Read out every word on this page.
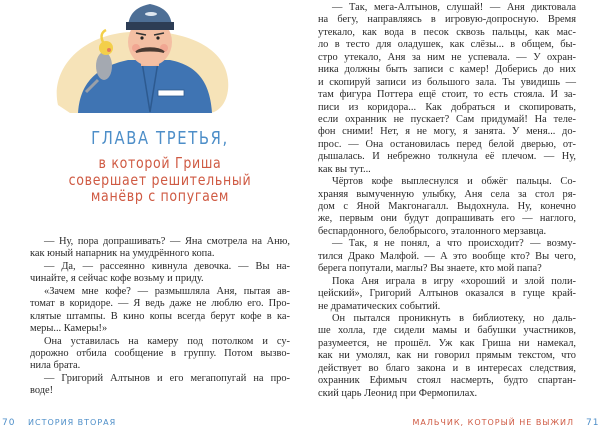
ГЛАВА ТРЕТЬЯ,
в которой Гриша
совершает решительный
манёвр с попугаем
— Ну, пора допрашивать? — Яна смотрела на Аню,
как юный напарник на умудрённого копа.
— Да, — рассеянно кивнула девочка. — Вы на-
чинайте, я сейчас кофе возьму и приду.
«Зачем мне кофе? — размышляла Аня, пытая ав-
томат в коридоре. — Я ведь даже не люблю его. Про-
клятые штампы. В кино копы всегда берут кофе в ка-
меры... Камеры!»
Она уставилась на камеру под потолком и су-
дорожно отбила сообщение в группу. Потом вызво-
нила брата.
— Григорий Алтынов и его мегапопугай на про-
воде!
— Так, мега-Алтынов, слушай! — Аня диктовала
на бегу, направляясь в игровую-допросную. Время
утекало, как вода в песок сквозь пальцы, как мас-
ло в тесто для оладушек, как слёзы... в общем, бы-
стро утекало, Аня за ним не успевала. — У охран-
ника должны быть записи с камер! Доберись до них
и скопируй записи из большого зала. Ты увидишь —
там фигура Поттера ещё стоит, то есть стояла. И за-
писи из коридора... Как добраться и скопировать,
если охранник не пускает? Сам придумай! На теле-
фон сними! Нет, я не могу, я занята. У меня... до-
прос. — Она остановилась перед белой дверью, от-
дышалась. И небрежно толкнула её плечом. — Ну,
как вы тут...
Чёртов кофе выплеснулся и обжёг пальцы. Со-
храняя вымученную улыбку, Аня села за стол ря-
дом с Яной Макгонагалл. Выдохнула. Ну, конечно
же, первым они будут допрашивать его — наглого,
беспардонного, белобрысого, эталонного мерзавца.
— Так, я не понял, а что происходит? — возму-
тился Драко Малфой. — А это вообще кто? Вы чего,
берега попутали, маглы? Вы знаете, кто мой папа?
Пока Аня играла в игру «хороший и злой поли-
цейский», Григорий Алтынов оказался в гуще край-
не драматических событий.
Он пытался проникнуть в библиотеку, но даль-
ше холла, где сидели мамы и бабушки участников,
разумеется, не прошёл. Уж как Гриша ни намекал,
как ни умолял, как ни говорил прямым текстом, что
действует во благо закона и в интересах следствия,
охранник Ефимыч стоял насмерть, будто спартан-
ский царь Леонид при Фермопилах.
70 ИСТОРИЯ ВТОРАЯ	МАЛЬЧИК, КОТОРЫЙ НЕ ВЫЖИЛ 71
